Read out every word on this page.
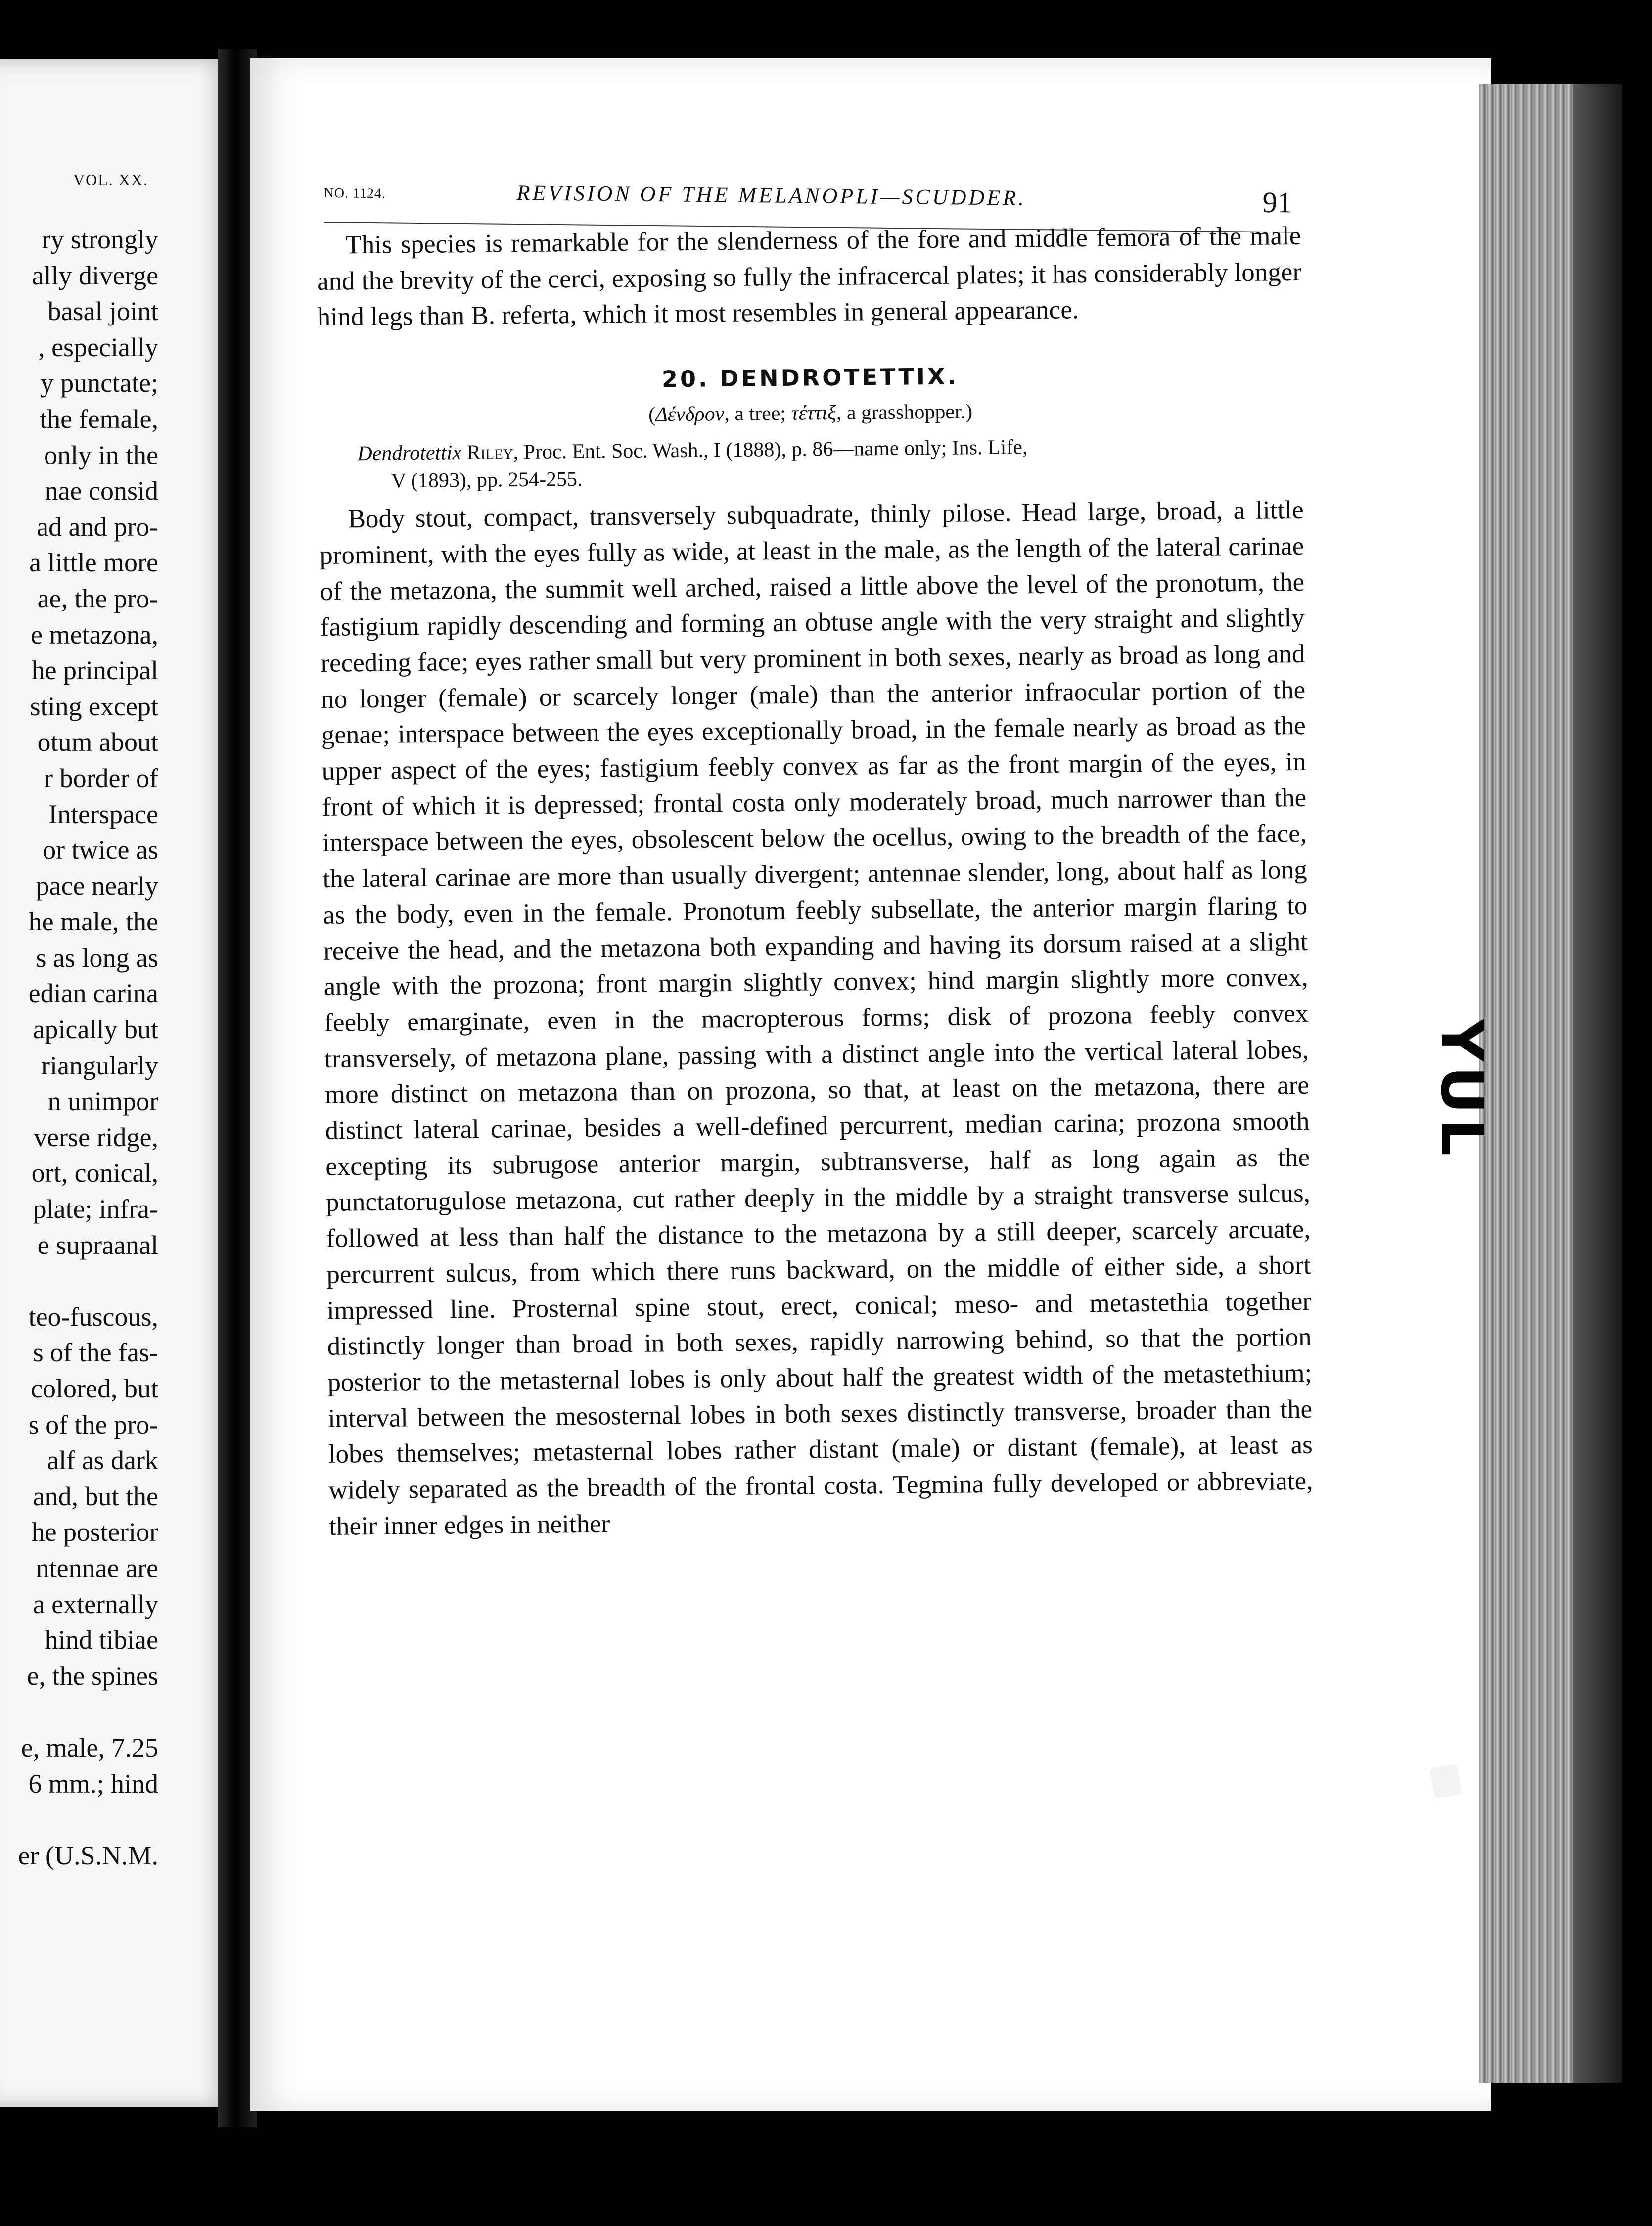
VOL. XX.
ry strongly
ally diverge
basal joint
, especially
y punctate;
the female,
only in the
nae consid
ad and pro-
a little more
ae, the pro-
e metazona,
he principal
sting except
otum about
r border of
Interspace
or twice as
pace nearly
he male, the
s as long as
edian carina
apically but
riangularly
n unimpor
verse ridge,
ort, conical,
plate; infra-
e supraanal
teo-fuscous,
s of the fas-
colored, but
s of the pro-
alf as dark
and, but the
he posterior
ntennae are
a externally
hind tibiae
e, the spines
e, male, 7.25
6 mm.; hind
er (U.S.N.M.
YUL
NO. 1124.	REVISION OF THE MELANOPLI—SCUDDER.	91

This species is remarkable for the slenderness of the fore and middle femora of the male and the brevity of the cerci, exposing so fully the infracercal plates; it has considerably longer hind legs than B. referta, which it most resembles in general appearance.

20. DENDROTETTIX.

(Δένδρον, a tree; τέττιξ, a grasshopper.)

Dendrotettix Riley, Proc. Ent. Soc. Wash., I (1888), p. 86—name only; Ins. Life,
V (1893), pp. 254-255.

Body stout, compact, transversely subquadrate, thinly pilose. Head large, broad, a little prominent, with the eyes fully as wide, at least in the male, as the length of the lateral carinae of the metazona, the summit well arched, raised a little above the level of the pronotum, the fastigium rapidly descending and forming an obtuse angle with the very straight and slightly receding face; eyes rather small but very prominent in both sexes, nearly as broad as long and no longer (female) or scarcely longer (male) than the anterior infraocular portion of the genae; interspace between the eyes exceptionally broad, in the female nearly as broad as the upper aspect of the eyes; fastigium feebly convex as far as the front margin of the eyes, in front of which it is depressed; frontal costa only moderately broad, much narrower than the interspace between the eyes, obsolescent below the ocellus, owing to the breadth of the face, the lateral carinae are more than usually divergent; antennae slender, long, about half as long as the body, even in the female. Pronotum feebly subsellate, the anterior margin flaring to receive the head, and the metazona both expanding and having its dorsum raised at a slight angle with the prozona; front margin slightly convex; hind margin slightly more convex, feebly emarginate, even in the macropterous forms; disk of prozona feebly convex transversely, of metazona plane, passing with a distinct angle into the vertical lateral lobes, more distinct on metazona than on prozona, so that, at least on the metazona, there are distinct lateral carinae, besides a well-defined percurrent, median carina; prozona smooth excepting its subrugose anterior margin, subtransverse, half as long again as the punctatorugulose metazona, cut rather deeply in the middle by a straight transverse sulcus, followed at less than half the distance to the metazona by a still deeper, scarcely arcuate, percurrent sulcus, from which there runs backward, on the middle of either side, a short impressed line. Prosternal spine stout, erect, conical; meso- and metastethia together distinctly longer than broad in both sexes, rapidly narrowing behind, so that the portion posterior to the metasternal lobes is only about half the greatest width of the metastethium; interval between the mesosternal lobes in both sexes distinctly transverse, broader than the lobes themselves; metasternal lobes rather distant (male) or distant (female), at least as widely separated as the breadth of the frontal costa. Tegmina fully developed or abbreviate, their inner edges in neither
